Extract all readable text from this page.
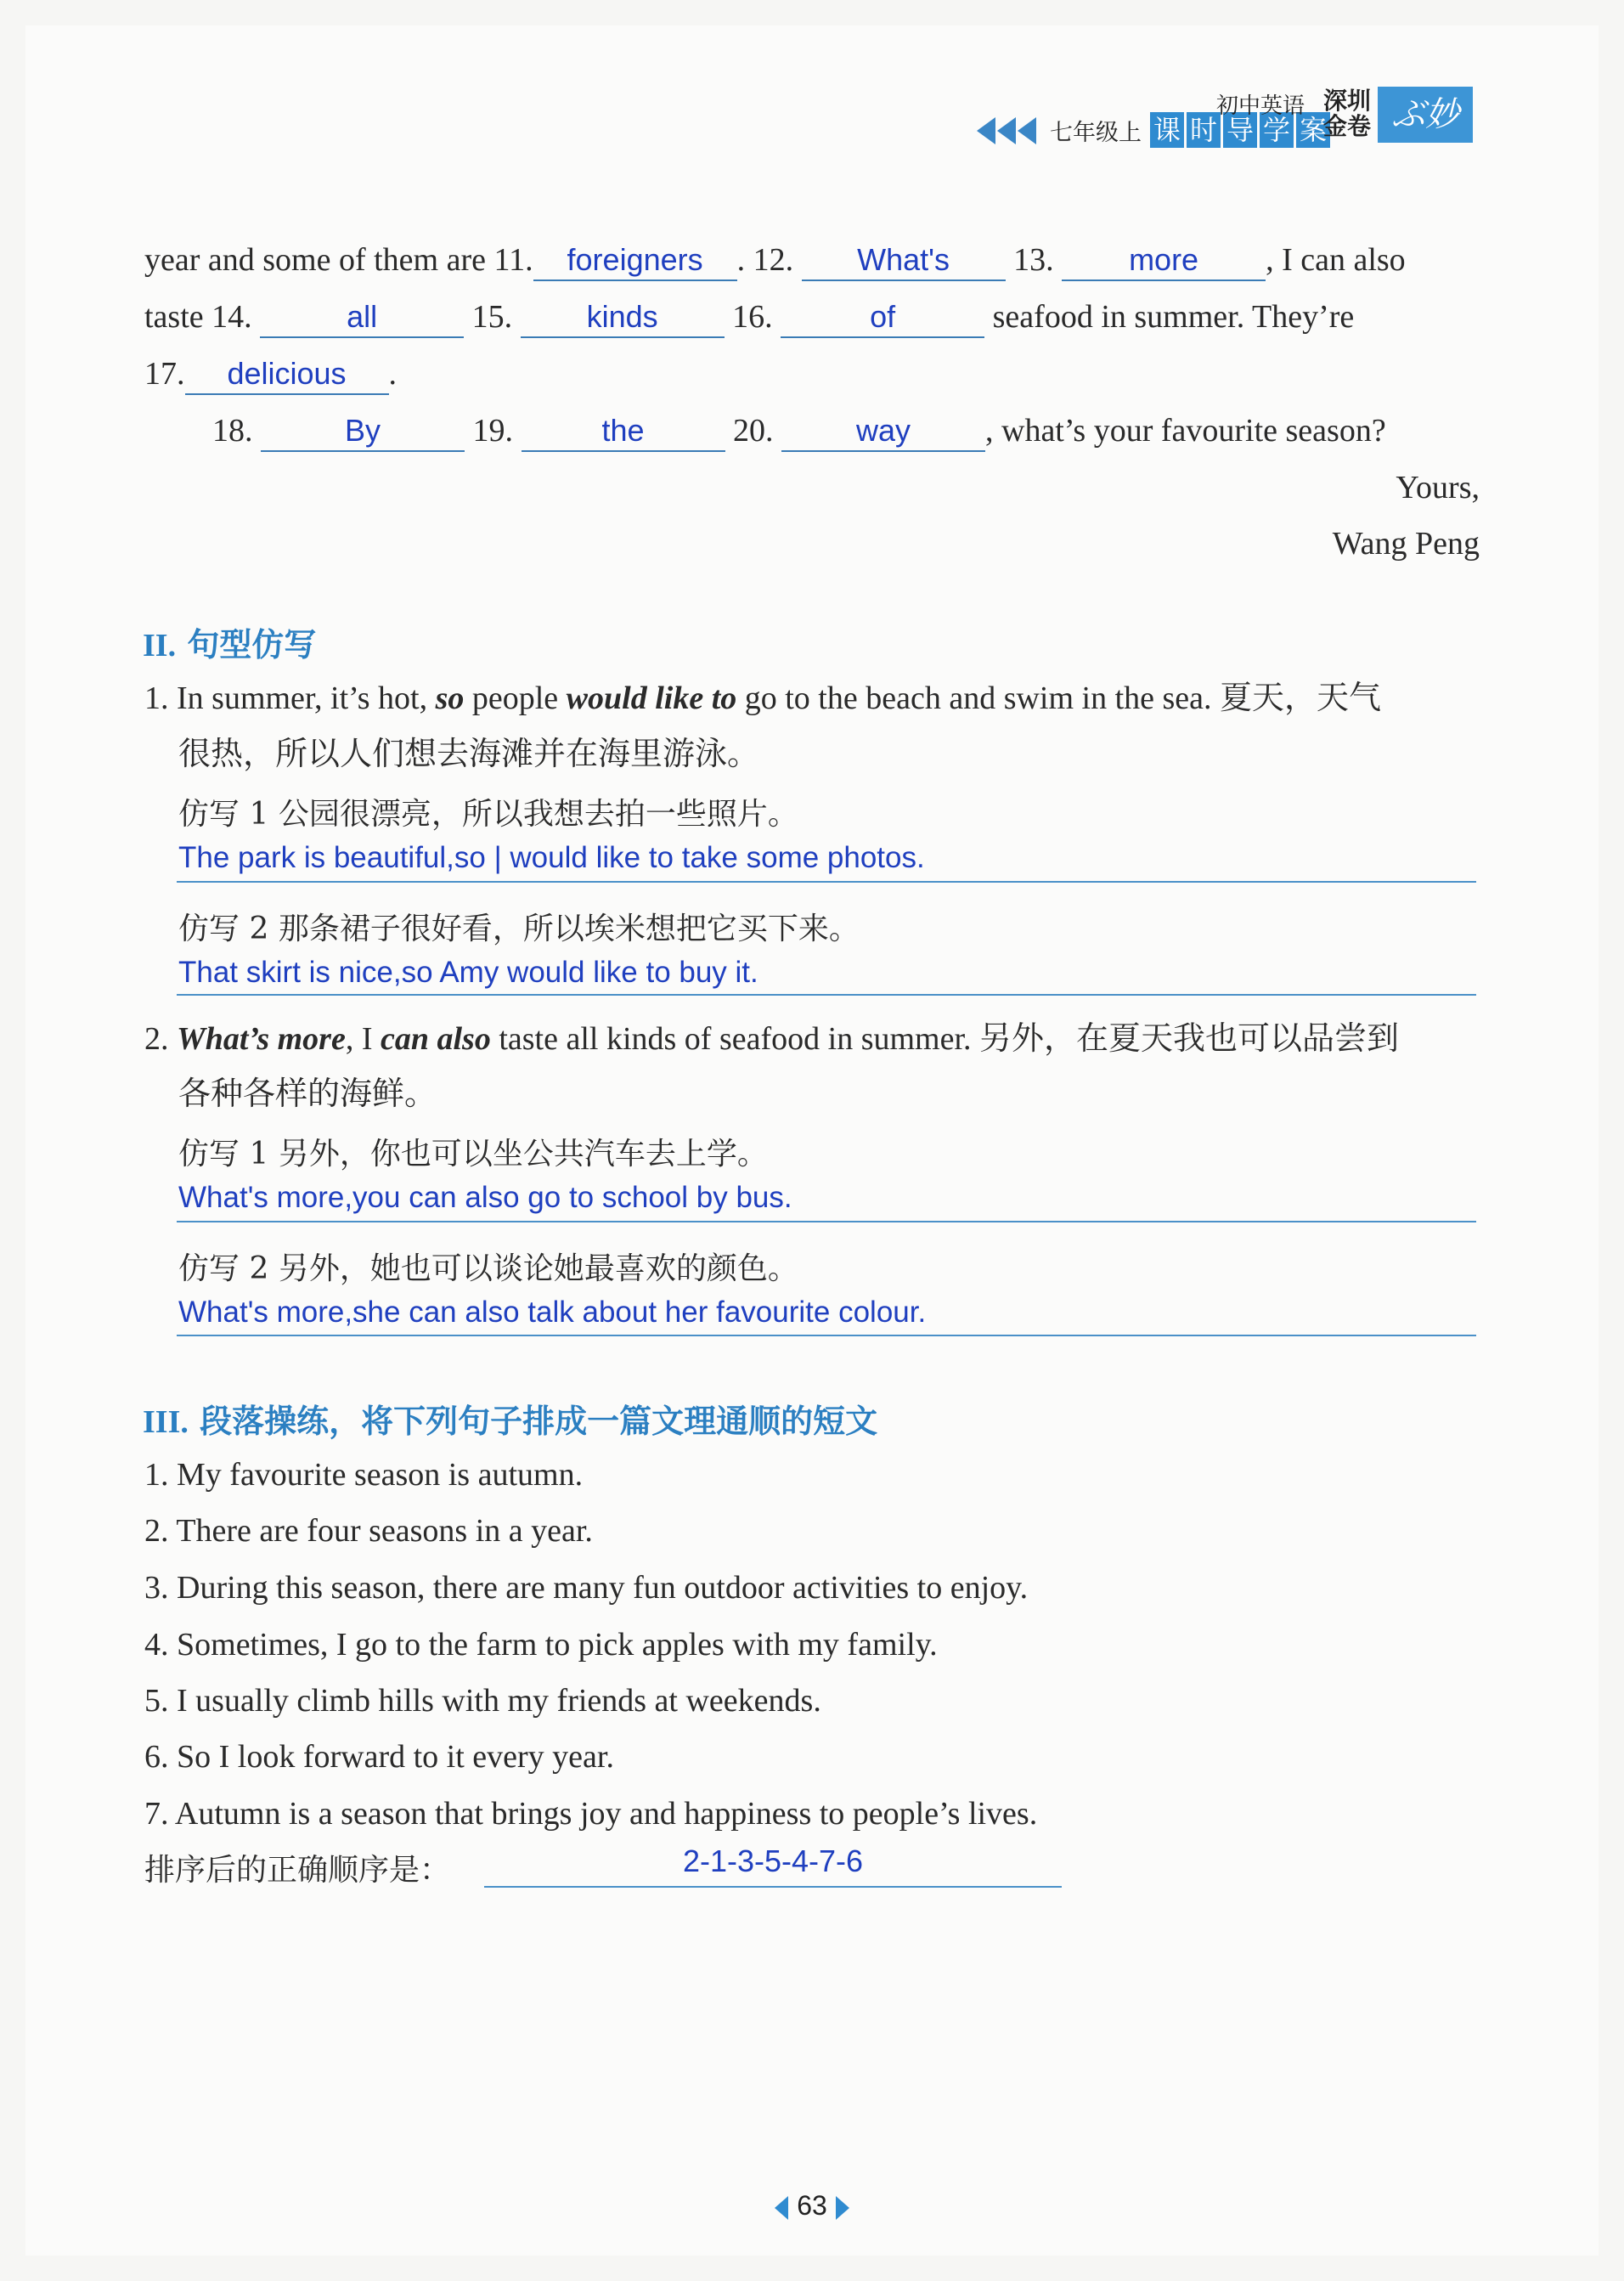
七年级上 课 时 导 学 案
初中英语 深圳金卷 ぶ妙
year and some of them are 11. foreigners . 12. What's 13. more , I can also
taste 14.	all	15. kinds 16.	of	seafood in summer. They’re
17. delicious .
18.	By	19.	the	20.	way , what’s your favourite season?
Yours,
Wang Peng
II. 句型仿写
1. In summer, it’s hot, so people would like to go to the beach and swim in the sea. 夏天，天气
很热，所以人们想去海滩并在海里游泳。
仿写 1 公园很漂亮，所以我想去拍一些照片。
The park is beautiful,so | would like to take some photos.
仿写 2 那条裙子很好看，所以埃米想把它买下来。
That skirt is nice,so Amy would like to buy it.
2. What’s more, I can also taste all kinds of seafood in summer. 另外，在夏天我也可以品尝到
各种各样的海鲜。
仿写 1 另外，你也可以坐公共汽车去上学。
What's more,you can also go to school by bus.
仿写 2 另外，她也可以谈论她最喜欢的颜色。
What's more,she can also talk about her favourite colour.
III. 段落操练，将下列句子排成一篇文理通顺的短文
1. My favourite season is autumn.
2. There are four seasons in a year.
3. During this season, there are many fun outdoor activities to enjoy.
4. Sometimes, I go to the farm to pick apples with my family.
5. I usually climb hills with my friends at weekends.
6. So I look forward to it every year.
7. Autumn is a season that brings joy and happiness to people’s lives.
排序后的正确顺序是：	2-1-3-5-4-7-6
63
